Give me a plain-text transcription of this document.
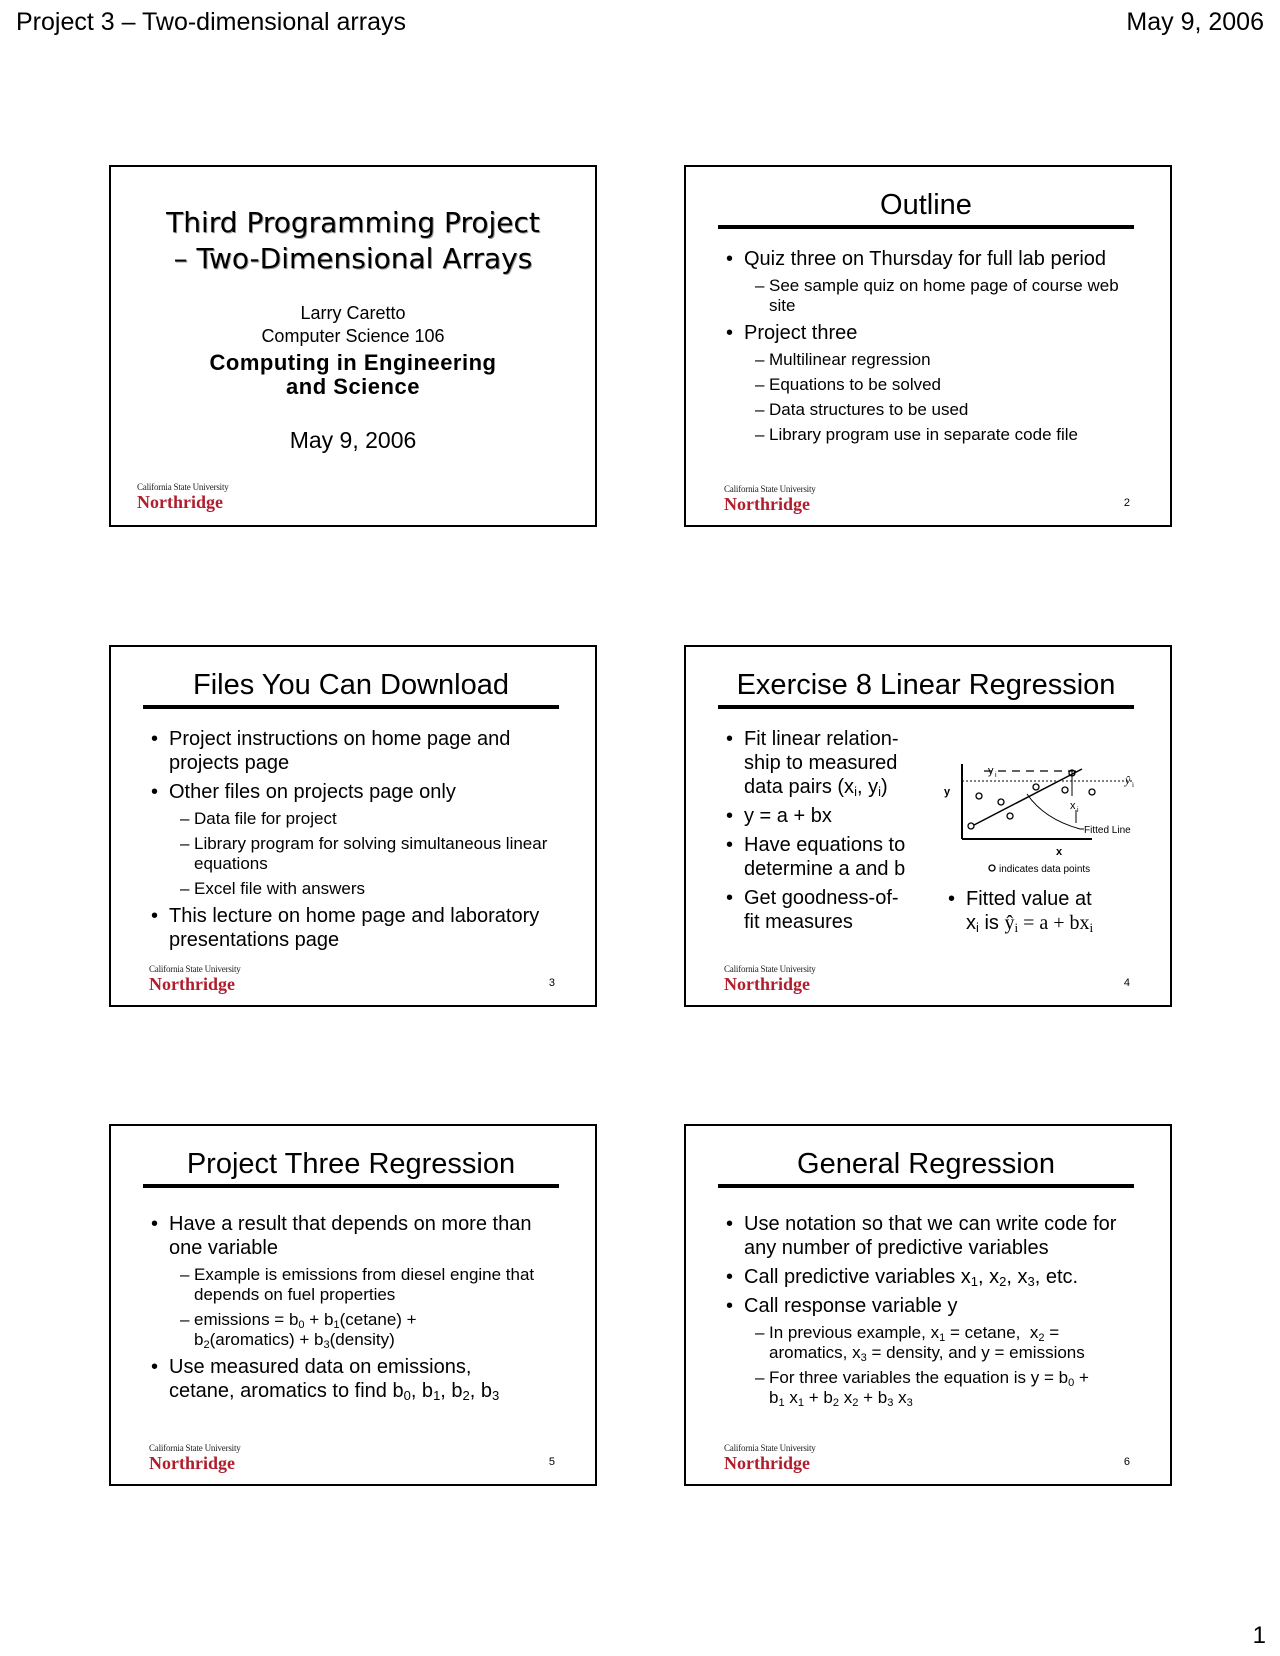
Project 3 – Two-dimensional arrays	May 9, 2006
Third Programming Project
– Two-Dimensional Arrays
Larry Caretto
Computer Science 106
Computing in Engineering
and Science
May 9, 2006
California State University
Northridge
Outline
• Quiz three on Thursday for full lab period
– See sample quiz on home page of course web site
• Project three
– Multilinear regression
– Equations to be solved
– Data structures to be used
– Library program use in separate code file
California State University
Northridge	2
Files You Can Download
• Project instructions on home page and projects page
• Other files on projects page only
– Data file for project
– Library program for solving simultaneous linear equations
– Excel file with answers
• This lecture on home page and laboratory presentations page
California State University
Northridge	3
Exercise 8 Linear Regression
• Fit linear relation-
ship to measured
data pairs ($x_i$, $y_i$)
• y = a + bx
• Have equations to
determine a and b
• Get goodness-of-
fit measures
y
x
y i
x i
ŷ i
Fitted Line
indicates data points
• Fitted value at
$x_i$ is $ŷ_i = a + bx_i$
California State University
Northridge	4
Project Three Regression
• Have a result that depends on more than one variable
– Example is emissions from diesel engine that depends on fuel properties
– emissions = $b_0 + b_1(cetane)$ +
$b_2(aromatics)$ + $b_3(density)$
• Use measured data on emissions,
cetane, aromatics to find $b_0$, $b_1$, $b_2$, $b_3$
California State University
Northridge	5
General Regression
• Use notation so that we can write code for any number of predictive variables
• Call predictive variables $x_1$, $x_2$, $x_3$, etc.
• Call response variable y
– In previous example, $x_1 = cetane$,  $x_2$ =
aromatics, $x_3$ = density, and y = emissions
– For three variables the equation is $y = b_0$ +
$b_1$ $x_1 + b_2$ $x_2 + b_3$ $x_3$
California State University
Northridge	6
1
